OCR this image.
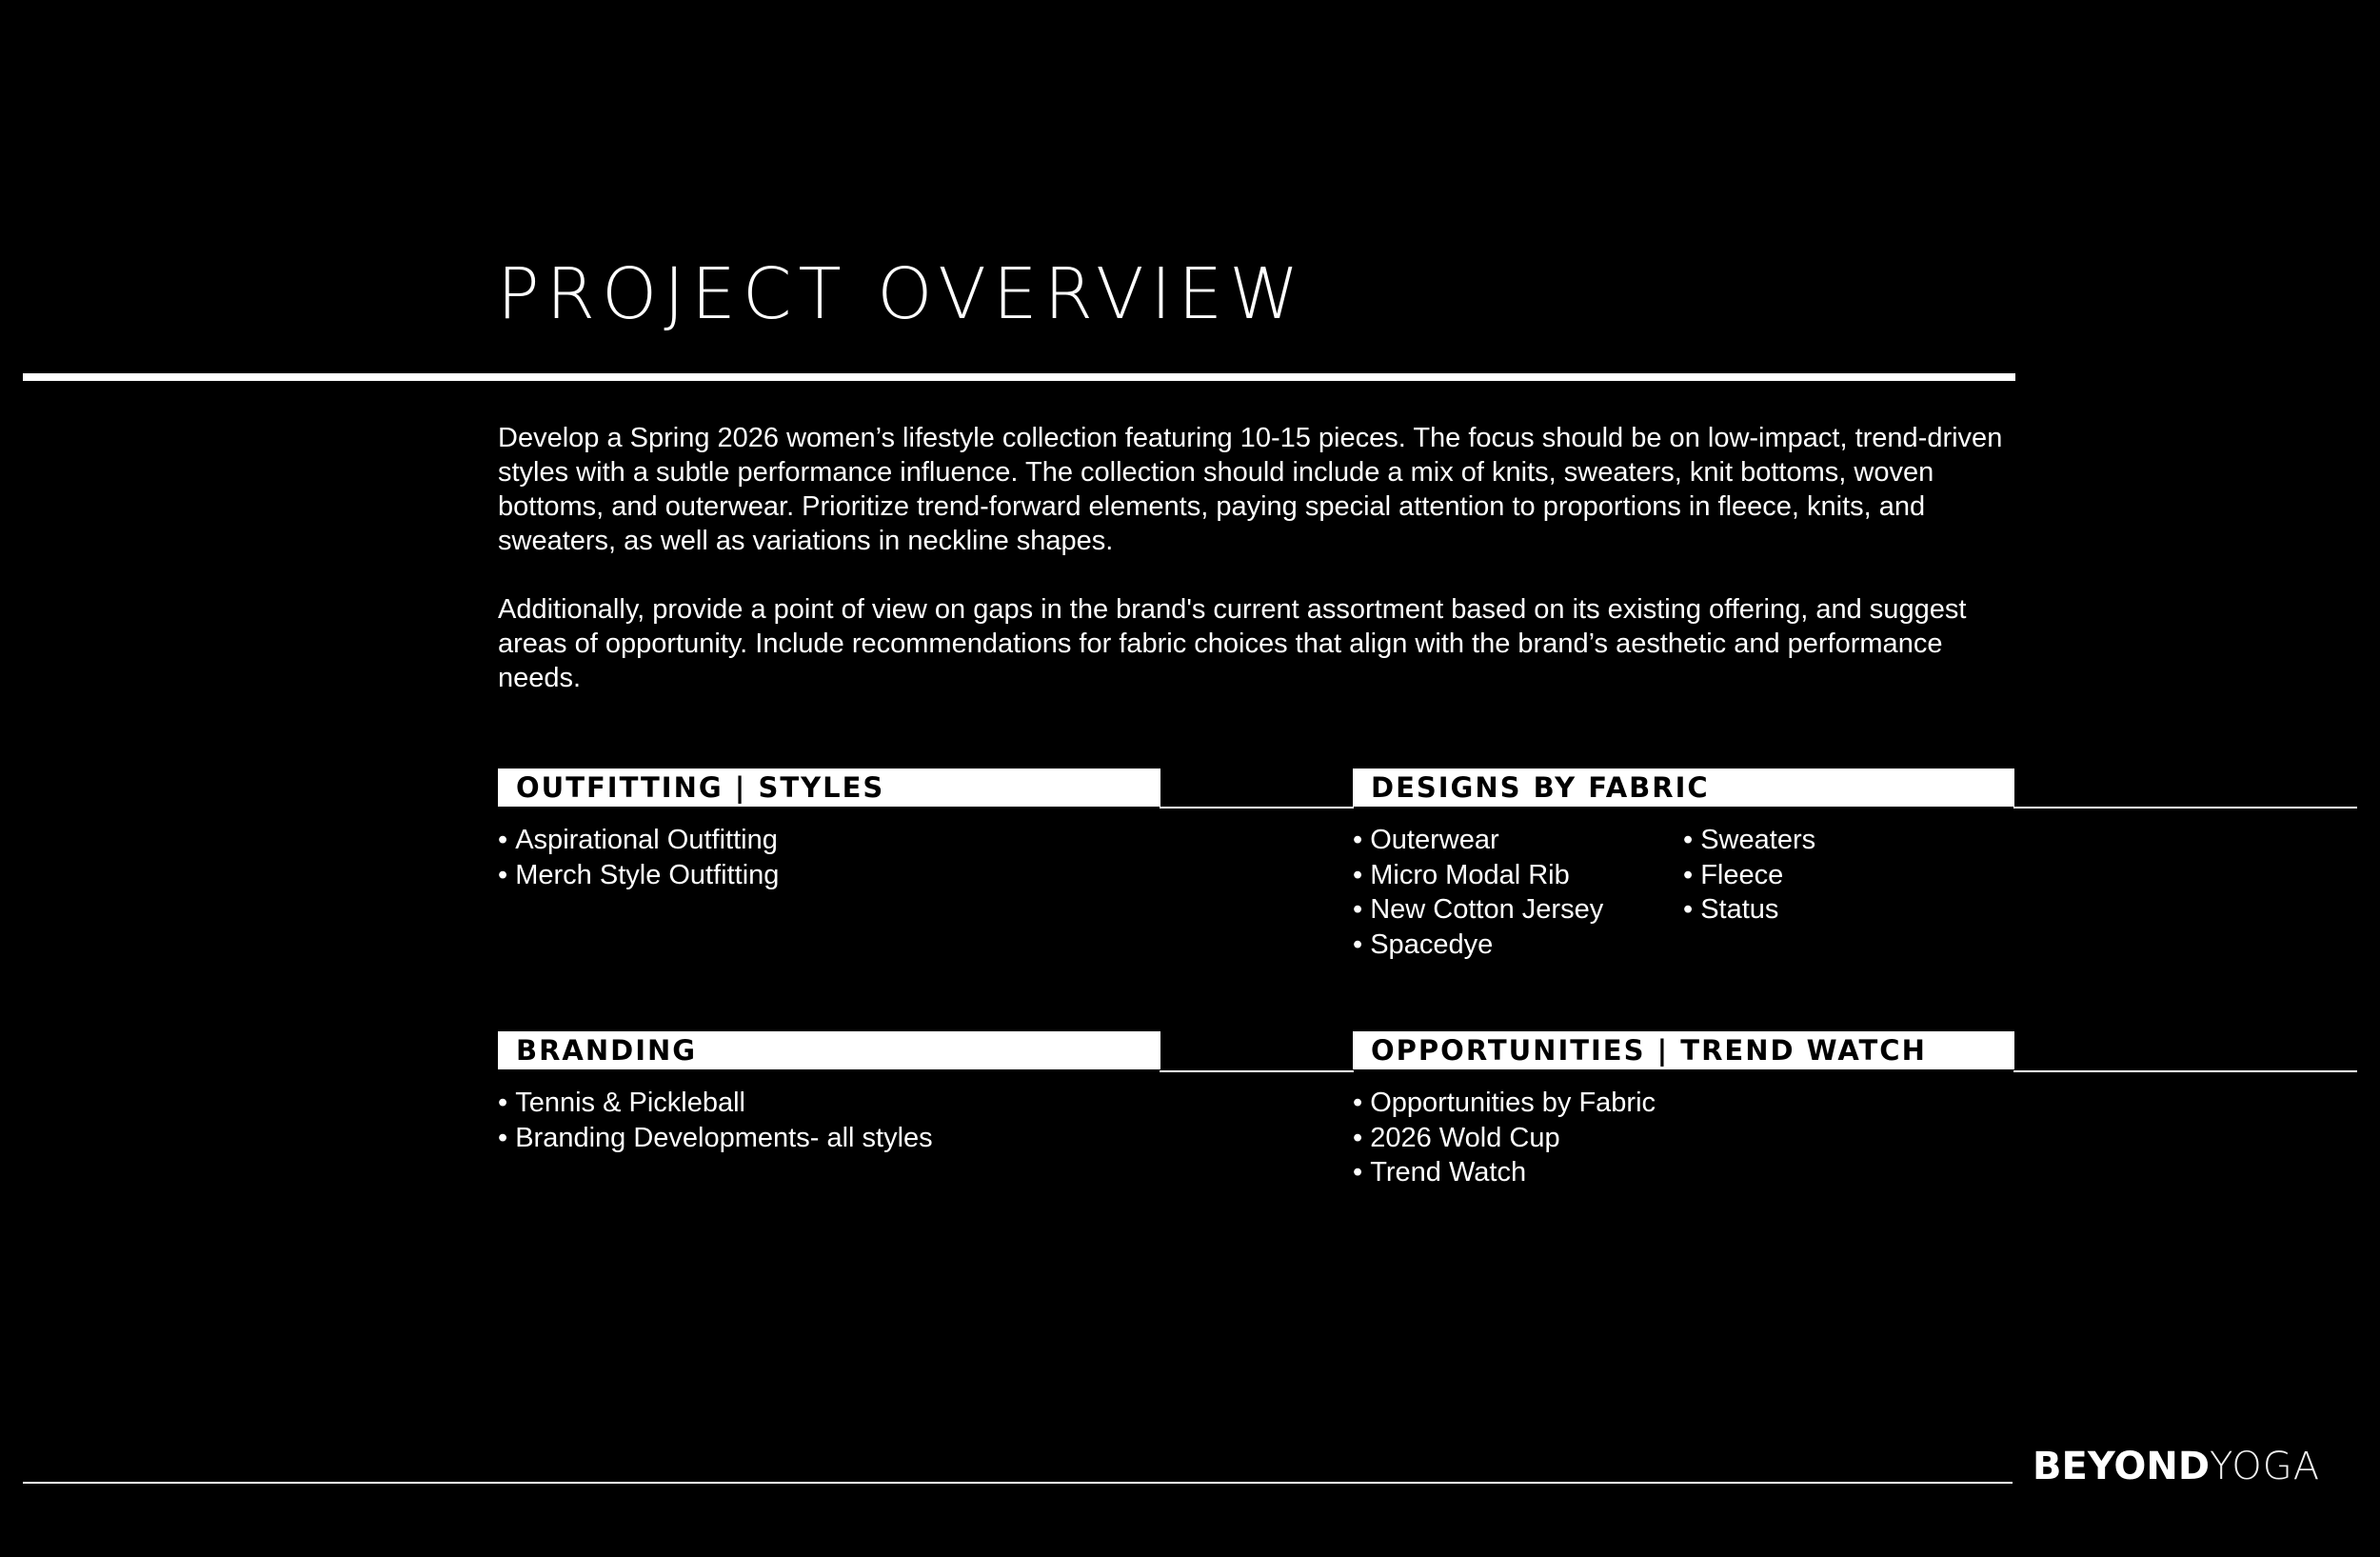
PROJECT OVERVIEW

Develop a Spring 2026 women’s lifestyle collection featuring 10-15 pieces. The focus should be on low-impact, trend-driven styles with a subtle performance influence. The collection should include a mix of knits, sweaters, knit bottoms, woven bottoms, and outerwear. Prioritize trend-forward elements, paying special attention to proportions in fleece, knits, and sweaters, as well as variations in neckline shapes.

Additionally, provide a point of view on gaps in the brand's current assortment based on its existing offering, and suggest areas of opportunity. Include recommendations for fabric choices that align with the brand’s aesthetic and performance needs.

OUTFITTING | STYLES
• Aspirational Outfitting
• Merch Style Outfitting
DESIGNS BY FABRIC
• Outerwear
• Micro Modal Rib
• New Cotton Jersey
• Spacedye
• Sweaters
• Fleece
• Status
BRANDING
• Tennis & Pickleball
• Branding Developments- all styles
OPPORTUNITIES | TREND WATCH
• Opportunities by Fabric
• 2026 Wold Cup
• Trend Watch
BEYONDYOGA
